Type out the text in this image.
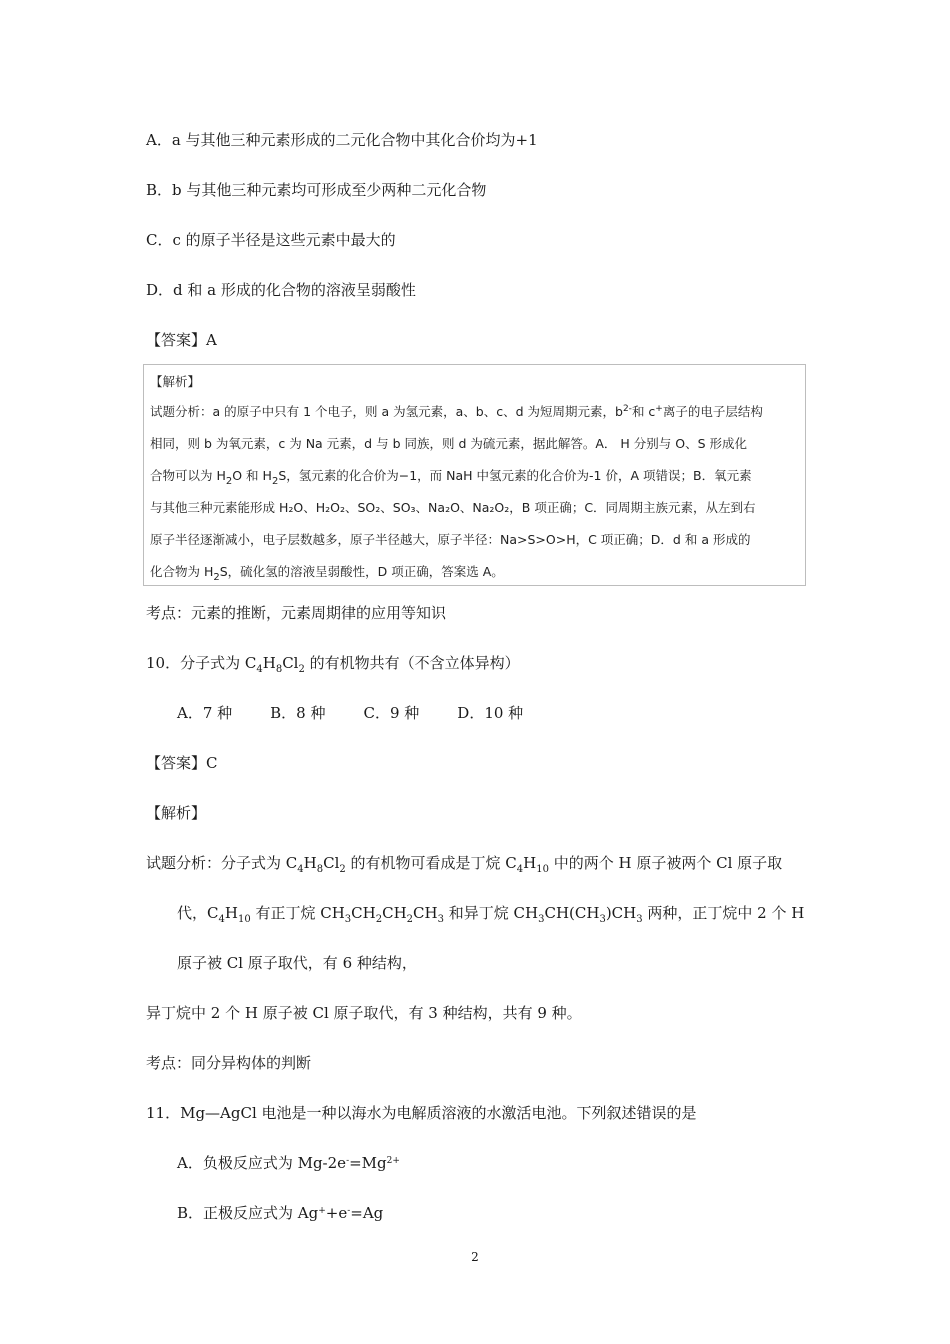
A．a 与其他三种元素形成的二元化合物中其化合价均为+1
B．b 与其他三种元素均可形成至少两种二元化合物
C．c 的原子半径是这些元素中最大的
D．d 和 a 形成的化合物的溶液呈弱酸性
【答案】A
【解析】
试题分析：a 的原子中只有 1 个电子，则 a 为氢元素，a、b、c、d 为短周期元素，$b^{2-}$和 c+离子的电子层结构
相同，则 b 为氧元素，c 为 Na 元素，d 与 b 同族，则 d 为硫元素，据此解答。A． H 分别与 O、S 形成化
合物可以为 $H_2O$ 和 $H_2S$，氢元素的化合价为−1，而 NaH 中氢元素的化合价为-1 价，A 项错误；B．氧元素
与其他三种元素能形成 H₂O、H₂O₂、SO₂、SO₃、Na₂O、Na₂O₂，B 项正确；C．同周期主族元素，从左到右
原子半径逐渐减小，电子层数越多，原子半径越大，原子半径：Na>S>O>H，C 项正确；D．d 和 a 形成的
化合物为 $H_2S$，硫化氢的溶液呈弱酸性，D 项正确，答案选 A。
考点：元素的推断，元素周期律的应用等知识
10．分子式为 $C_4H_8Cl_2$ 的有机物共有（不含立体异构）
A．7 种	B．8 种	C．9 种	D．10 种
【答案】C
【解析】
试题分析：分子式为 $C_4H_8Cl_2$ 的有机物可看成是丁烷 $C_4H_{10}$ 中的两个 H 原子被两个 Cl 原子取
代，$C_4H_{10}$ 有正丁烷 $CH_3CH_2CH_2CH_3$ 和异丁烷 $CH_3CH(CH_3)CH_3$ 两种，正丁烷中 2 个 H
原子被 Cl 原子取代，有 6 种结构，
异丁烷中 2 个 H 原子被 Cl 原子取代，有 3 种结构，共有 9 种。
考点：同分异构体的判断
11．Mg—AgCl 电池是一种以海水为电解质溶液的水激活电池。下列叙述错误的是
A．负极反应式为 $Mg-2e^-=Mg^{2+}$
B．正极反应式为 Ag++e-=Ag
2
